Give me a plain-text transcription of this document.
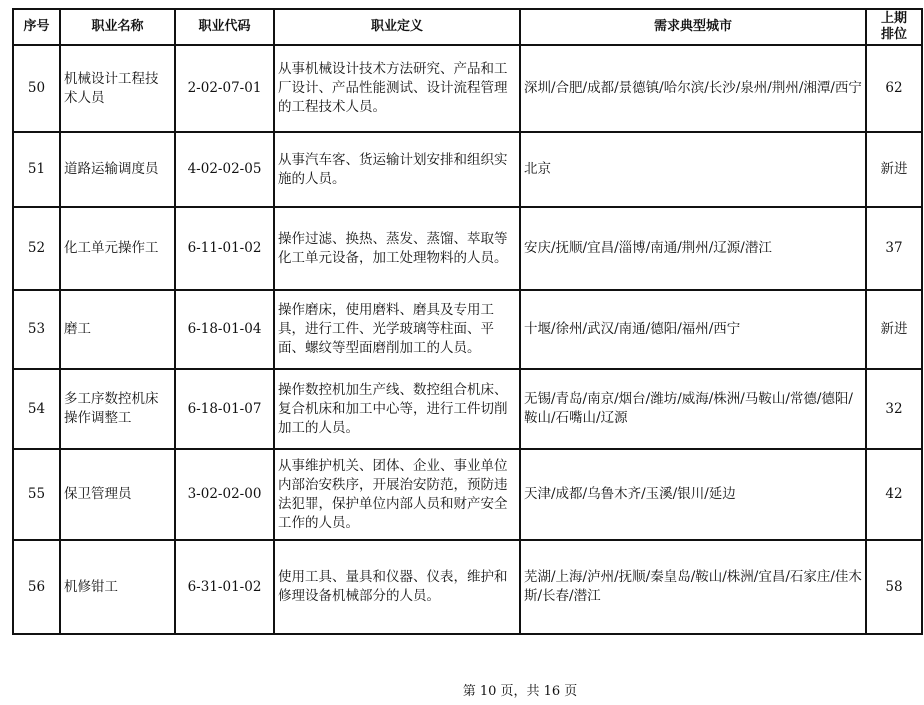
序号	职业名称	职业代码	职业定义	需求典型城市	上期排位
50	机械设计工程技术人员	2-02-07-01	从事机械设计技术方法研究、产品和工厂设计、产品性能测试、设计流程管理的工程技术人员。	深圳/合肥/成都/景德镇/哈尔滨/长沙/泉州/荆州/湘潭/西宁	62
51	道路运输调度员	4-02-02-05	从事汽车客、货运输计划安排和组织实施的人员。	北京	新进
52	化工单元操作工	6-11-01-02	操作过滤、换热、蒸发、蒸馏、萃取等化工单元设备，加工处理物料的人员。	安庆/抚顺/宜昌/淄博/南通/荆州/辽源/潜江	37
53	磨工	6-18-01-04	操作磨床，使用磨料、磨具及专用工具，进行工件、光学玻璃等柱面、平面、螺纹等型面磨削加工的人员。	十堰/徐州/武汉/南通/德阳/福州/西宁	新进
54	多工序数控机床操作调整工	6-18-01-07	操作数控机加生产线、数控组合机床、复合机床和加工中心等，进行工件切削加工的人员。	无锡/青岛/南京/烟台/潍坊/威海/株洲/马鞍山/常德/德阳/鞍山/石嘴山/辽源	32
55	保卫管理员	3-02-02-00	从事维护机关、团体、企业、事业单位内部治安秩序，开展治安防范，预防违法犯罪，保护单位内部人员和财产安全工作的人员。	天津/成都/乌鲁木齐/玉溪/银川/延边	42
56	机修钳工	6-31-01-02	使用工具、量具和仪器、仪表，维护和修理设备机械部分的人员。	芜湖/上海/泸州/抚顺/秦皇岛/鞍山/株洲/宜昌/石家庄/佳木斯/长春/潜江	58
第 10 页，共 16 页
